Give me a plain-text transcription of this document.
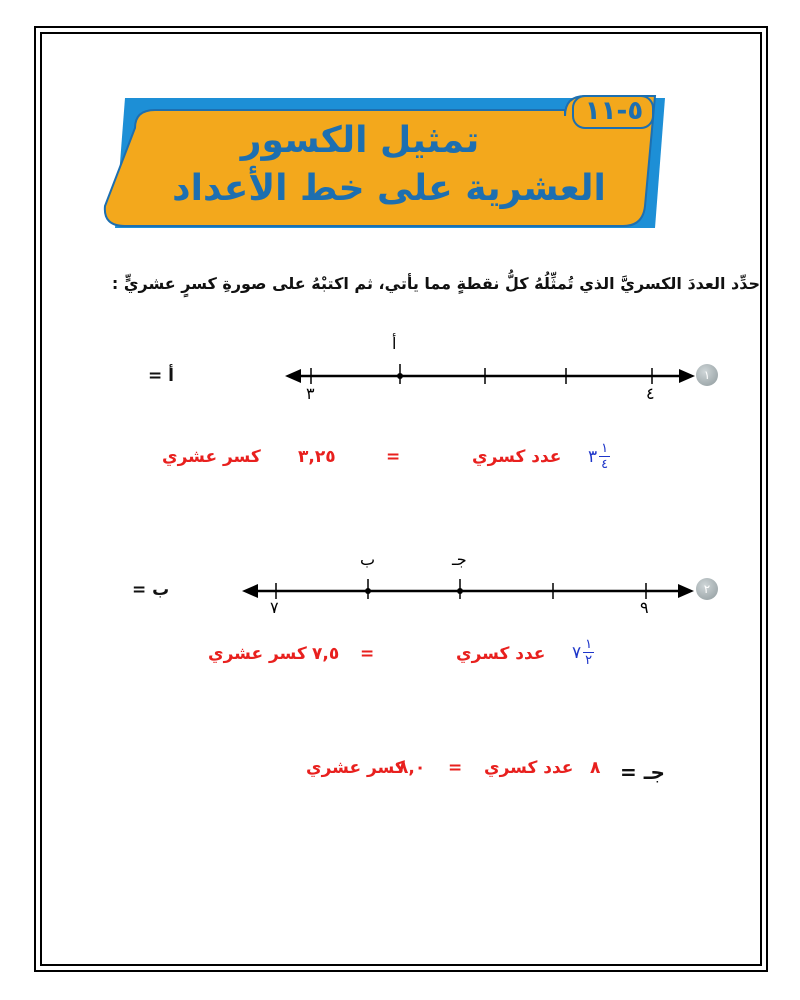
٥-١١
تمثيل الكسور
العشرية على خط الأعداد
حدِّد العددَ الكسريَّ الذي تُمثِّلُهُ كلُّ نقطةٍ مما يأتي، ثم اكتبْهُ على صورةِ كسرٍ عشريٍّ :
١
أ
٣	٤
أ =
٣ $\frac{١}{٤}$
عدد كسري
=
٣,٢٥
كسر عشري
٢
ب	جـ
٧	٩
ب =
٧ $\frac{١}{٢}$
عدد كسري
=
٧,٥
كسر عشري
جـ =
٨
عدد كسري
=
٨,٠
كسر عشري
